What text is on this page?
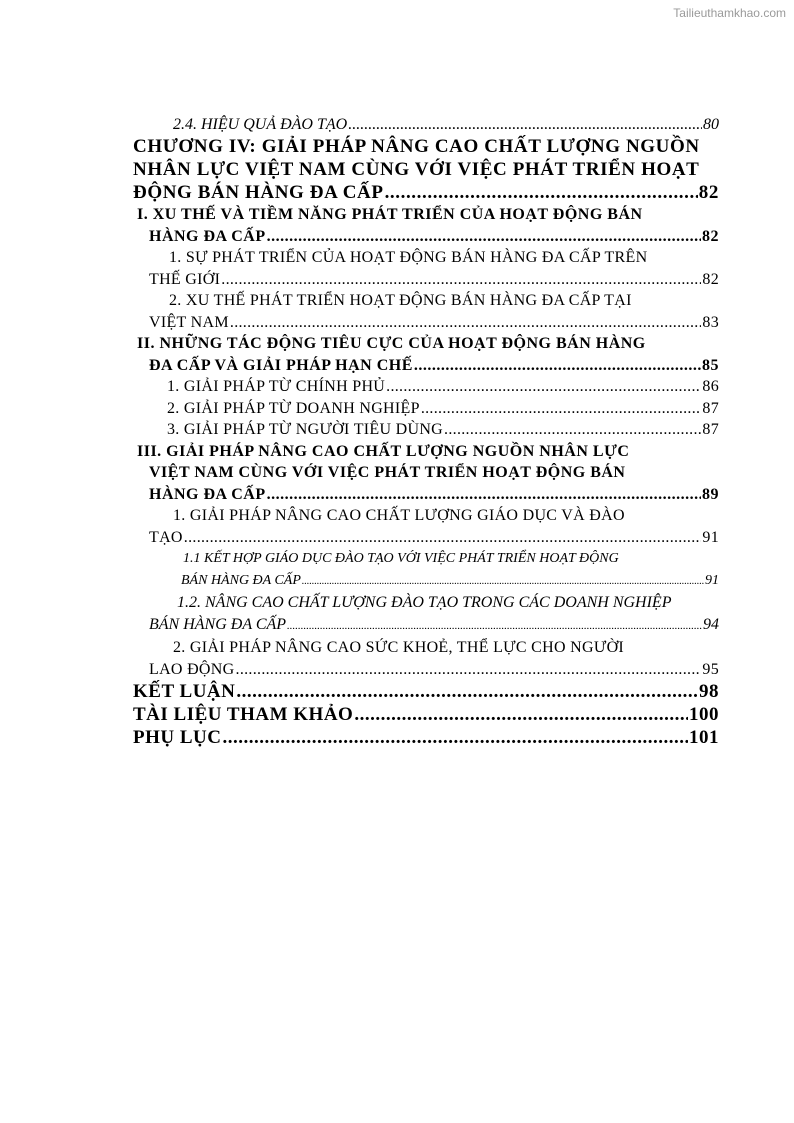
Tailieuthamkhao.com
2.4. HIỆU QUẢ ĐÀO TẠO .....	80
CHƯƠNG IV: GIẢI PHÁP NÂNG CAO CHẤT LƯỢNG NGUỒN
NHÂN LỰC VIỆT NAM CÙNG VỚI VIỆC PHÁT TRIỂN HOẠT
ĐỘNG BÁN HÀNG ĐA CẤP .....	82
I. XU THẾ VÀ TIỀM NĂNG PHÁT TRIỂN CỦA HOẠT ĐỘNG BÁN
HÀNG ĐA CẤP .....	82
1. SỰ PHÁT TRIỂN CỦA HOẠT ĐỘNG BÁN HÀNG ĐA CẤP TRÊN
THẾ GIỚI .....	82
2. XU THẾ PHÁT TRIỂN HOẠT ĐỘNG BÁN HÀNG ĐA CẤP TẠI
VIỆT NAM .....	83
II. NHỮNG TÁC ĐỘNG TIÊU CỰC CỦA HOẠT ĐỘNG BÁN HÀNG
ĐA CẤP VÀ GIẢI PHÁP HẠN CHẾ .....	85
1. GIẢI PHÁP TỪ CHÍNH PHỦ .....	86
2. GIẢI PHÁP TỪ DOANH NGHIỆP .....	87
3. GIẢI PHÁP TỪ NGƯỜI TIÊU DÙNG .....	87
III. GIẢI PHÁP NÂNG CAO CHẤT LƯỢNG NGUỒN NHÂN LỰC
VIỆT NAM CÙNG VỚI VIỆC PHÁT TRIỂN HOẠT ĐỘNG BÁN
HÀNG ĐA CẤP .....	89
1. GIẢI PHÁP NÂNG CAO CHẤT LƯỢNG GIÁO DỤC VÀ ĐÀO
TẠO .....	91
1.1 KẾT HỢP GIÁO DỤC ĐÀO TẠO VỚI VIỆC PHÁT TRIỂN HOẠT ĐỘNG
BÁN HÀNG ĐA CẤP .....	91
1.2. NÂNG CAO CHẤT LƯỢNG ĐÀO TẠO TRONG CÁC DOANH NGHIỆP
BÁN HÀNG ĐA CẤP .....	94
2. GIẢI PHÁP NÂNG CAO SỨC KHOẺ, THỂ LỰC CHO NGƯỜI
LAO ĐỘNG .....	95
KẾT LUẬN .....	98
TÀI LIỆU THAM KHẢO .....	100
PHỤ LỤC .....	101
